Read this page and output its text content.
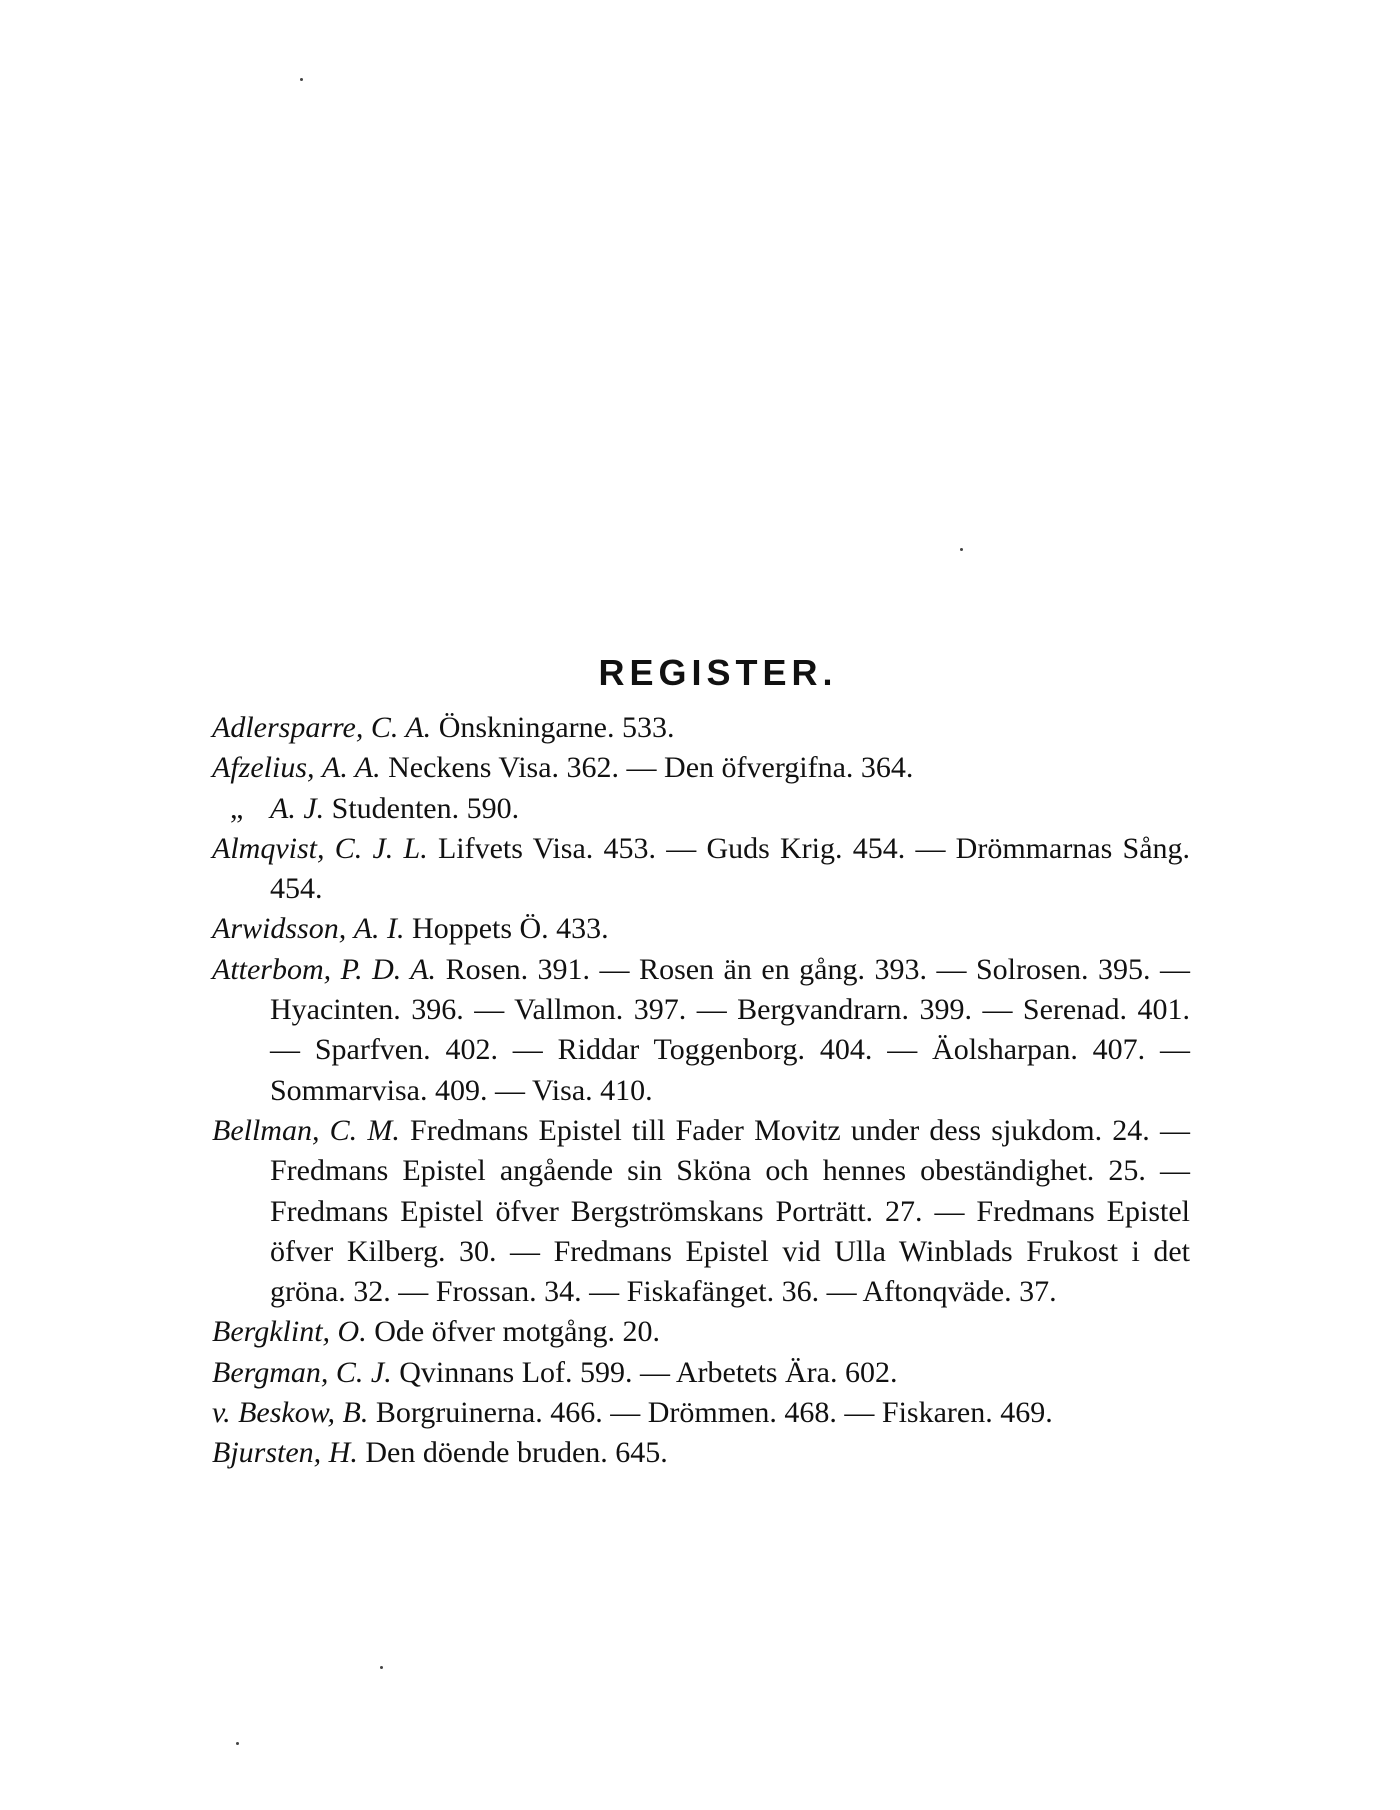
REGISTER.
Adlersparre, C. A. Önskningarne. 533.
Afzelius, A. A. Neckens Visa. 362. — Den öfvergifna. 364.
„ A. J. Studenten. 590.
Almqvist, C. J. L. Lifvets Visa. 453. — Guds Krig. 454. — Drömmarnas Sång. 454.
Arwidsson, A. I. Hoppets Ö. 433.
Atterbom, P. D. A. Rosen. 391. — Rosen än en gång. 393. — Solrosen. 395. — Hyacinten. 396. — Vallmon. 397. — Bergvandrarn. 399. — Serenad. 401. — Sparfven. 402. — Riddar Toggenborg. 404. — Äolsharpan. 407. — Sommarvisa. 409. — Visa. 410.
Bellman, C. M. Fredmans Epistel till Fader Movitz under dess sjukdom. 24. — Fredmans Epistel angående sin Sköna och hennes obeständighet. 25. — Fredmans Epistel öfver Bergströmskans Porträtt. 27. — Fredmans Epistel öfver Kilberg. 30. — Fredmans Epistel vid Ulla Winblads Frukost i det gröna. 32. — Frossan. 34. — Fiskafänget. 36. — Aftonqväde. 37.
Bergklint, O. Ode öfver motgång. 20.
Bergman, C. J. Qvinnans Lof. 599. — Arbetets Ära. 602.
v. Beskow, B. Borgruinerna. 466. — Drömmen. 468. — Fiskaren. 469.
Bjursten, H. Den döende bruden. 645.
